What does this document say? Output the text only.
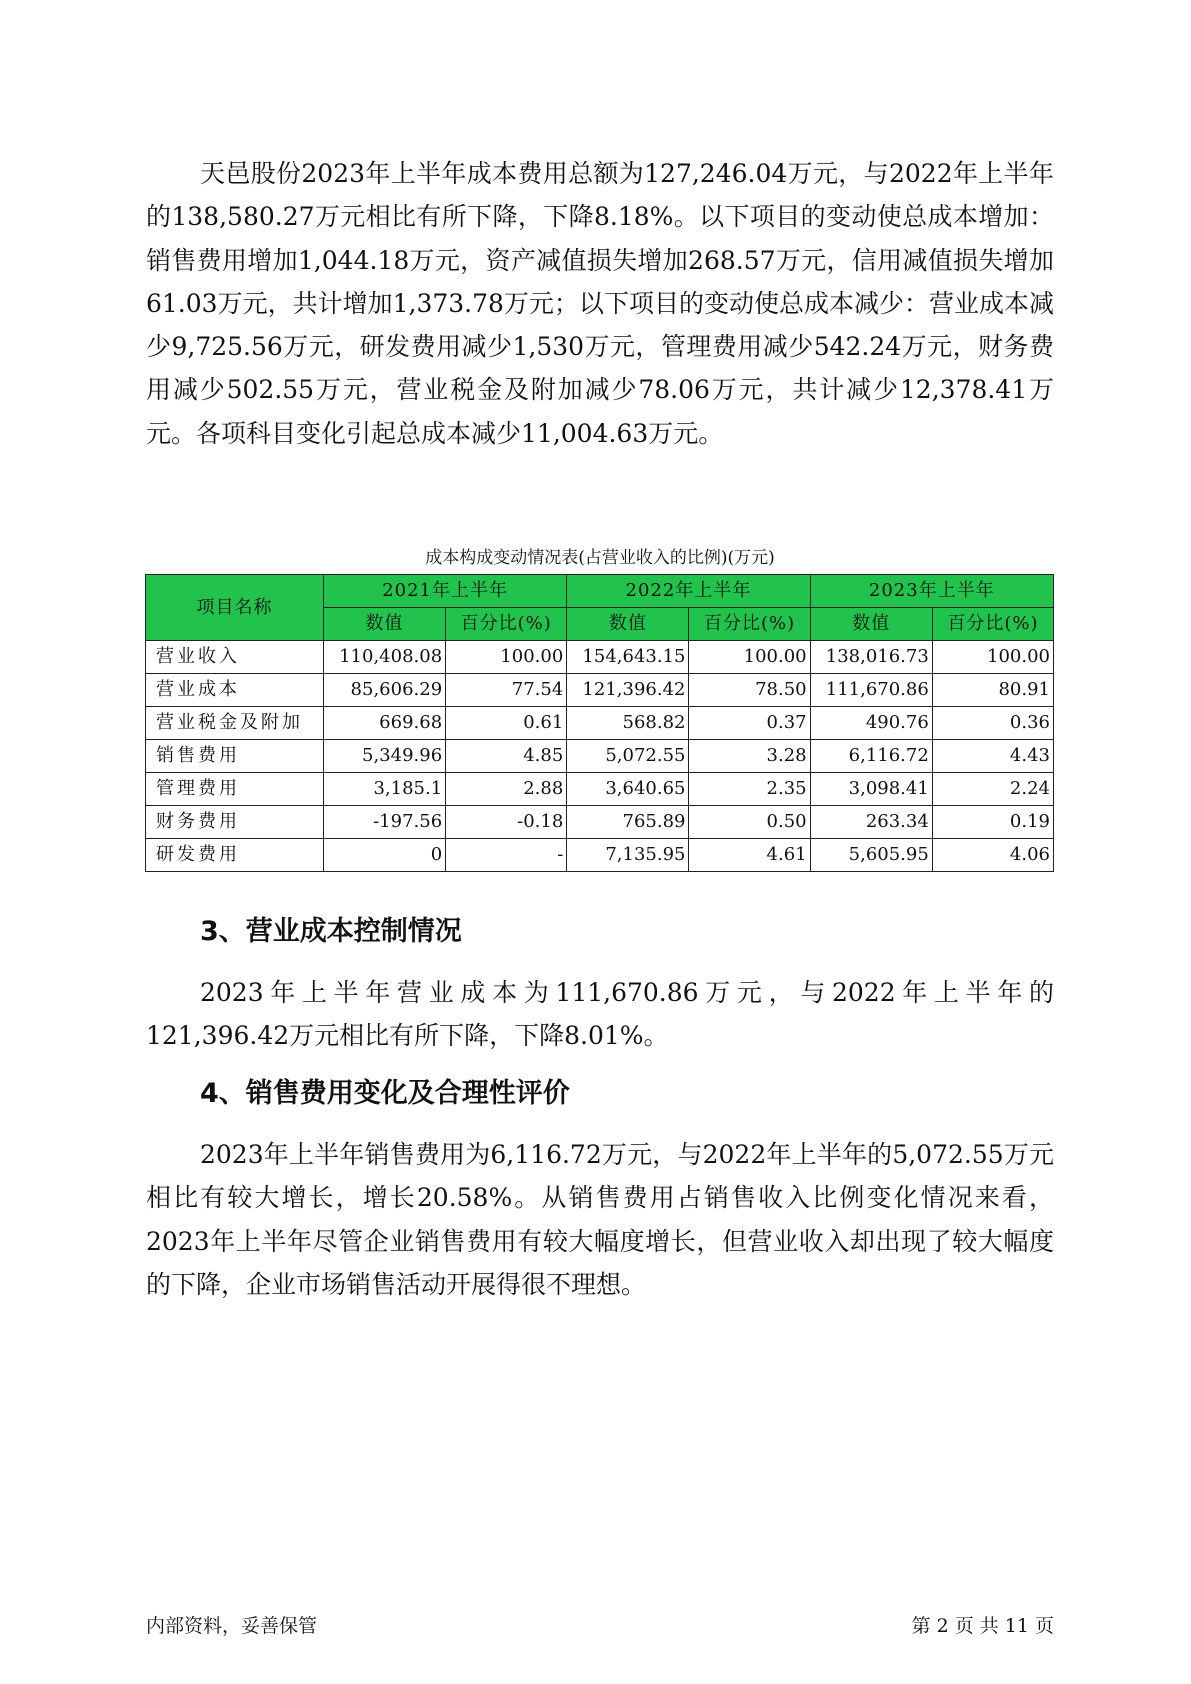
天邑股份2023年上半年成本费用总额为127,246.04万元，与2022年上半年的138,580.27万元相比有所下降，下降8.18%。以下项目的变动使总成本增加：销售费用增加1,044.18万元，资产减值损失增加268.57万元，信用减值损失增加61.03万元，共计增加1,373.78万元；以下项目的变动使总成本减少：营业成本减少9,725.56万元，研发费用减少1,530万元，管理费用减少542.24万元，财务费用减少502.55万元，营业税金及附加减少78.06万元，共计减少12,378.41万元。各项科目变化引起总成本减少11,004.63万元。

成本构成变动情况表(占营业收入的比例)(万元)
项目名称	2021年上半年		2022年上半年		2023年上半年	
	数值	百分比(%)	数值	百分比(%)	数值	百分比(%)
营业收入	110,408.08	100.00	154,643.15	100.00	138,016.73	100.00
营业成本	85,606.29	77.54	121,396.42	78.50	111,670.86	80.91
营业税金及附加	669.68	0.61	568.82	0.37	490.76	0.36
销售费用	5,349.96	4.85	5,072.55	3.28	6,116.72	4.43
管理费用	3,185.1	2.88	3,640.65	2.35	3,098.41	2.24
财务费用	-197.56	-0.18	765.89	0.50	263.34	0.19
研发费用	0	-	7,135.95	4.61	5,605.95	4.06
3、营业成本控制情况

2023年上半年营业成本为111,670.86万元，与2022年上半年的121,396.42万元相比有所下降，下降8.01%。

4、销售费用变化及合理性评价

2023年上半年销售费用为6,116.72万元，与2022年上半年的5,072.55万元相比有较大增长，增长20.58%。从销售费用占销售收入比例变化情况来看，2023年上半年尽管企业销售费用有较大幅度增长，但营业收入却出现了较大幅度的下降，企业市场销售活动开展得很不理想。

内部资料，妥善保管	第 2 页 共 11 页
